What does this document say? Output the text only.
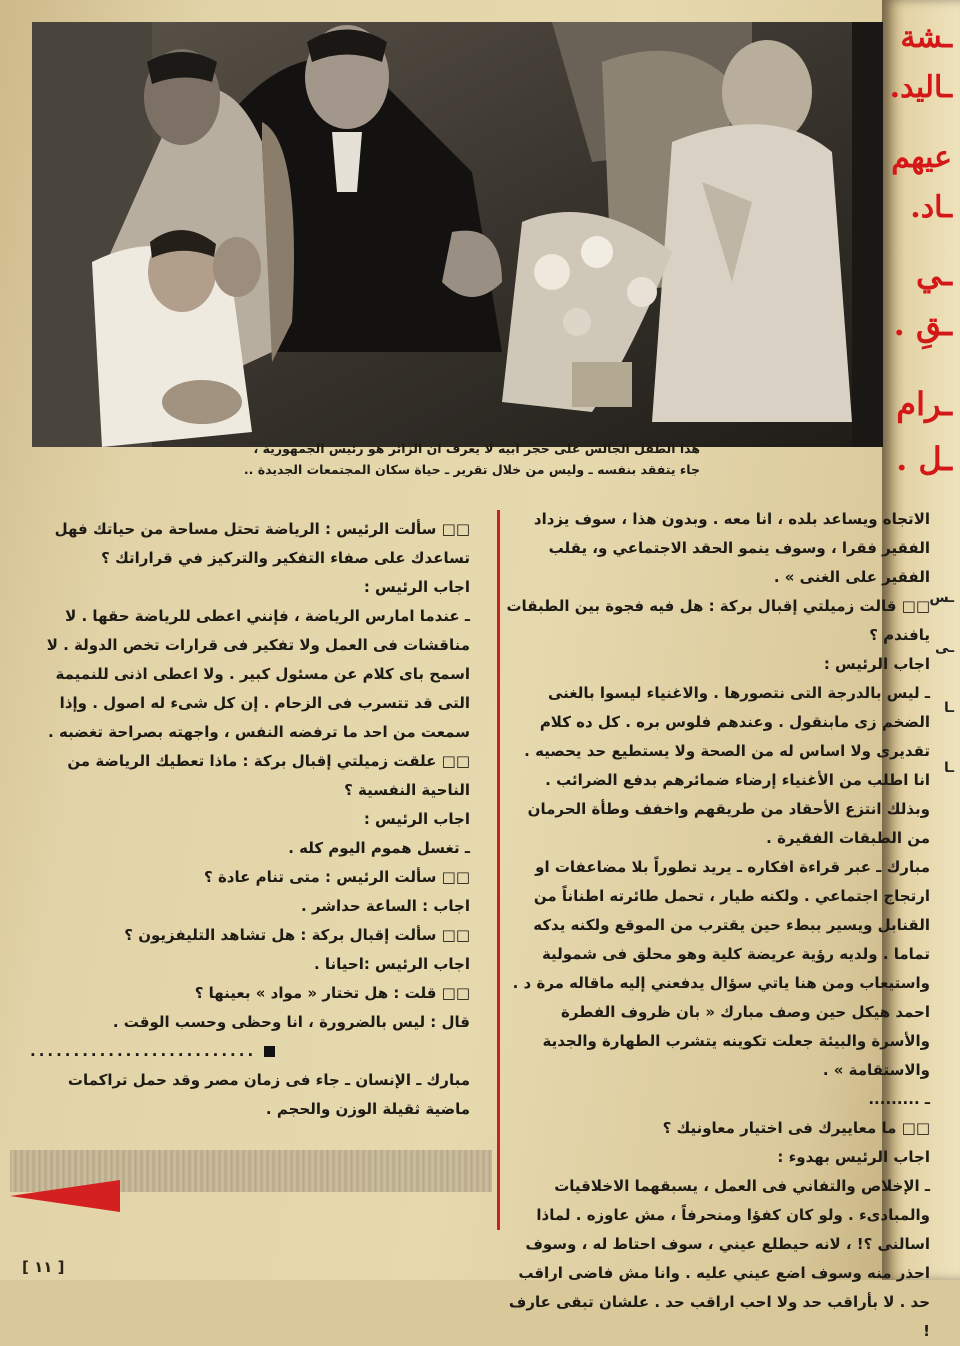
ـشة
ـاليد.
عيهم
ـاد.
ـي
ـقِ .
ـرام
ـل .
ـس
ـى
ـا
ـا
هذا الطفل الجالس على حجر ابيه لا يعرف ان الزائر هو رئيس الجمهورية ،
جاء يتفقد بنفسه ـ وليس من خلال تقرير ـ حياة سكان المجتمعات الجديدة ..

الاتجاه ويساعد بلده ، انا معه . وبدون هذا ، سوف يزداد الفقير فقرا ، وسوف ينمو الحقد الاجتماعي و، يقلب الفقير على الغنى » .

□□ قالت زميلتي إقبال بركة : هل فيه فجوة بين الطبقات يافندم ؟

اجاب الرئيس :

ـ ليس بالدرجة التى نتصورها . والاغنياء ليسوا بالغنى الضخم زى مابنقول . وعندهم فلوس بره . كل ده كلام تقديرى ولا اساس له من الصحة ولا يستطيع حد يحصيه . انا اطلب من الأغنياء إرضاء ضمائرهم بدفع الضرائب . وبذلك انتزع الأحقاد من طريقهم واخفف وطأة الحرمان من الطبقات الفقيرة .

مبارك ـ عبر قراءة افكاره ـ يريد تطوراً بلا مضاعفات او ارتجاج اجتماعي . ولكنه طيار ، تحمل طائرته اطناناً من القنابل ويسير ببطء حين يقترب من الموقع ولكنه يدكه تماما . ولديه رؤية عريضة كلية وهو محلق فى شمولية واستيعاب ومن هنا ياتي سؤال يدفعني إليه ماقاله مرة د . احمد هيكل حين وصف مبارك « بان ظروف الفطرة والأسرة والبيئة جعلت تكوينه يتشرب الطهارة والجدية والاستقامة » .

ـ .........

□□ ما معاييرك فى اختيار معاونيك ؟

اجاب الرئيس بهدوء :

ـ الإخلاص والتفاني فى العمل ، يسبقهما الاخلاقيات والمبادىء . ولو كان كفؤا ومنحرفاً ، مش عاوزه . لماذا اسالنى ؟! ، لانه حيطلع عيني ، سوف احتاط له ، وسوف احذر منه وسوف اضع عيني عليه . وانا مش فاضى اراقب حد . لا بأراقب حد ولا احب اراقب حد . علشان تبقى عارف !

□□ سألت الرئيس : الرياضة تحتل مساحة من حياتك فهل تساعدك على صفاء التفكير والتركيز في قراراتك ؟

اجاب الرئيس :

ـ عندما امارس الرياضة ، فإنني اعطى للرياضة حقها . لا مناقشات فى العمل ولا تفكير فى قرارات تخص الدولة . لا اسمح باى كلام عن مسئول كبير . ولا اعطى اذنى للنميمة التى قد تتسرب فى الزحام . إن كل شىء له اصول . وإذا سمعت من احد ما ترفضه النفس ، واجهته بصراحة تغضبه .

□□ علقت زميلتي إقبال بركة : ماذا تعطيك الرياضة من الناحية النفسية ؟

اجاب الرئيس :

ـ تغسل هموم اليوم كله .

□□ سألت الرئيس : متى تنام عادة ؟

اجاب : الساعة حداشر .

□□ سألت إقبال بركة : هل تشاهد التليفزيون ؟

اجاب الرئيس :احيانا .

□□ قلت : هل تختار « مواد » بعينها ؟

قال : ليس بالضرورة ، انا وحظى وحسب الوقت .

..........................

مبارك ـ الإنسان ـ جاء فى زمان مصر وقد حمل تراكمات ماضية ثقيلة الوزن والحجم .

[ ١١ ]
